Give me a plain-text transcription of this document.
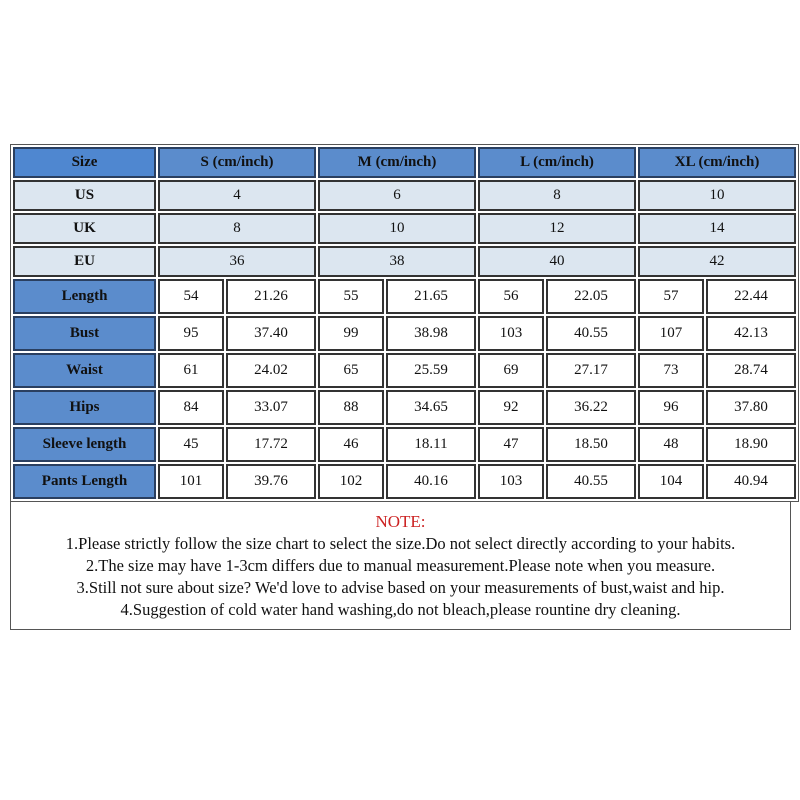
Size	S (cm/inch)		M (cm/inch)		L (cm/inch)		XL (cm/inch)	
US	4		6		8		10	
UK	8		10		12		14	
EU	36		38		40		42	
Length	54	21.26	55	21.65	56	22.05	57	22.44
Bust	95	37.40	99	38.98	103	40.55	107	42.13
Waist	61	24.02	65	25.59	69	27.17	73	28.74
Hips	84	33.07	88	34.65	92	36.22	96	37.80
Sleeve length	45	17.72	46	18.11	47	18.50	48	18.90
Pants Length	101	39.76	102	40.16	103	40.55	104	40.94
NOTE:
1.Please strictly follow the size chart to select the size.Do not select directly according to your habits.
2.The size may have 1-3cm differs due to manual measurement.Please note when you measure.
3.Still not sure about size? We'd love to advise based on your measurements of bust,waist and hip.
4.Suggestion of cold water hand washing,do not bleach,please rountine dry cleaning.
